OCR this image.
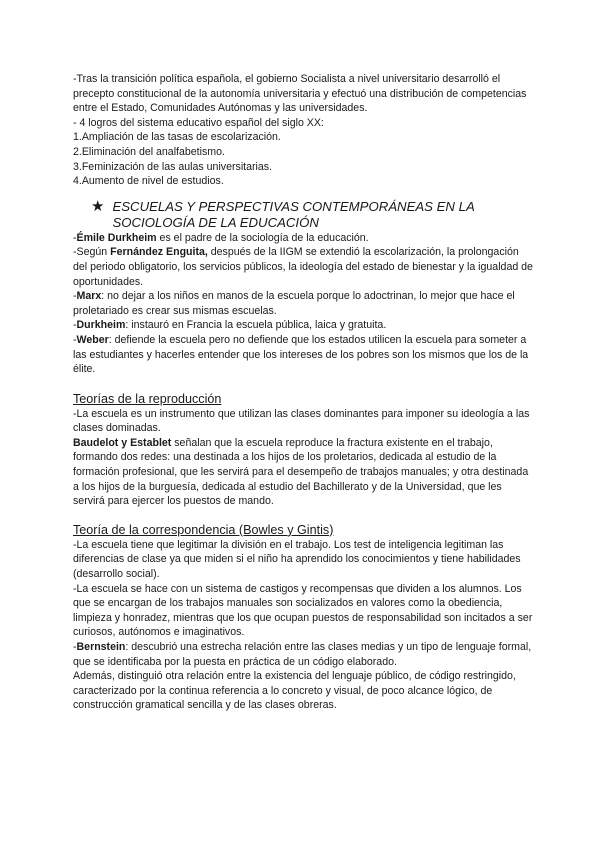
-Tras la transición política española, el gobierno Socialista a nivel universitario desarrolló el precepto constitucional de la autonomía universitaria y efectuó una distribución de competencias entre el Estado, Comunidades Autónomas y las universidades.

- 4 logros del sistema educativo español del siglo XX:

1.Ampliación de las tasas de escolarización.

2.Eliminación del analfabetismo.

3.Feminización de las aulas universitarias.

4.Aumento de nivel de estudios.

★ ESCUELAS Y PERSPECTIVAS CONTEMPORÁNEAS EN LA SOCIOLOGÍA DE LA EDUCACIÓN

-Émile Durkheim es el padre de la sociología de la educación.

-Según Fernández Enguita, después de la IIGM se extendió la escolarización, la prolongación del periodo obligatorio, los servicios públicos, la ideología del estado de bienestar y la igualdad de oportunidades.

-Marx: no dejar a los niños en manos de la escuela porque lo adoctrinan, lo mejor que hace el proletariado es crear sus mismas escuelas.

-Durkheim: instauró en Francia la escuela pública, laica y gratuita.

-Weber: defiende la escuela pero no defiende que los estados utilicen la escuela para someter a las estudiantes y hacerles entender que los intereses de los pobres son los mismos que los de la élite.

Teorías de la reproducción

-La escuela es un instrumento que utilizan las clases dominantes para imponer su ideología a las clases dominadas.

Baudelot y Establet señalan que la escuela reproduce la fractura existente en el trabajo, formando dos redes: una destinada a los hijos de los proletarios, dedicada al estudio de la formación profesional, que les servirá para el desempeño de trabajos manuales; y otra destinada a los hijos de la burguesía, dedicada al estudio del Bachillerato y de la Universidad, que les servirá para ejercer los puestos de mando.

Teoría de la correspondencia (Bowles y Gintis)

-La escuela tiene que legitimar la división en el trabajo. Los test de inteligencia legitiman las diferencias de clase ya que miden si el niño ha aprendido los conocimientos y tiene habilidades (desarrollo social).

-La escuela se hace con un sistema de castigos y recompensas que dividen a los alumnos. Los que se encargan de los trabajos manuales son socializados en valores como la obediencia, limpieza y honradez, mientras que los que ocupan puestos de responsabilidad son incitados a ser curiosos, autónomos e imaginativos.

-Bernstein: descubrió una estrecha relación entre las clases medias y un tipo de lenguaje formal, que se identificaba por la puesta en práctica de un código elaborado.

Además, distinguió otra relación entre la existencia del lenguaje público, de código restringido, caracterizado por la continua referencia a lo concreto y visual, de poco alcance lógico, de construcción gramatical sencilla y de las clases obreras.
